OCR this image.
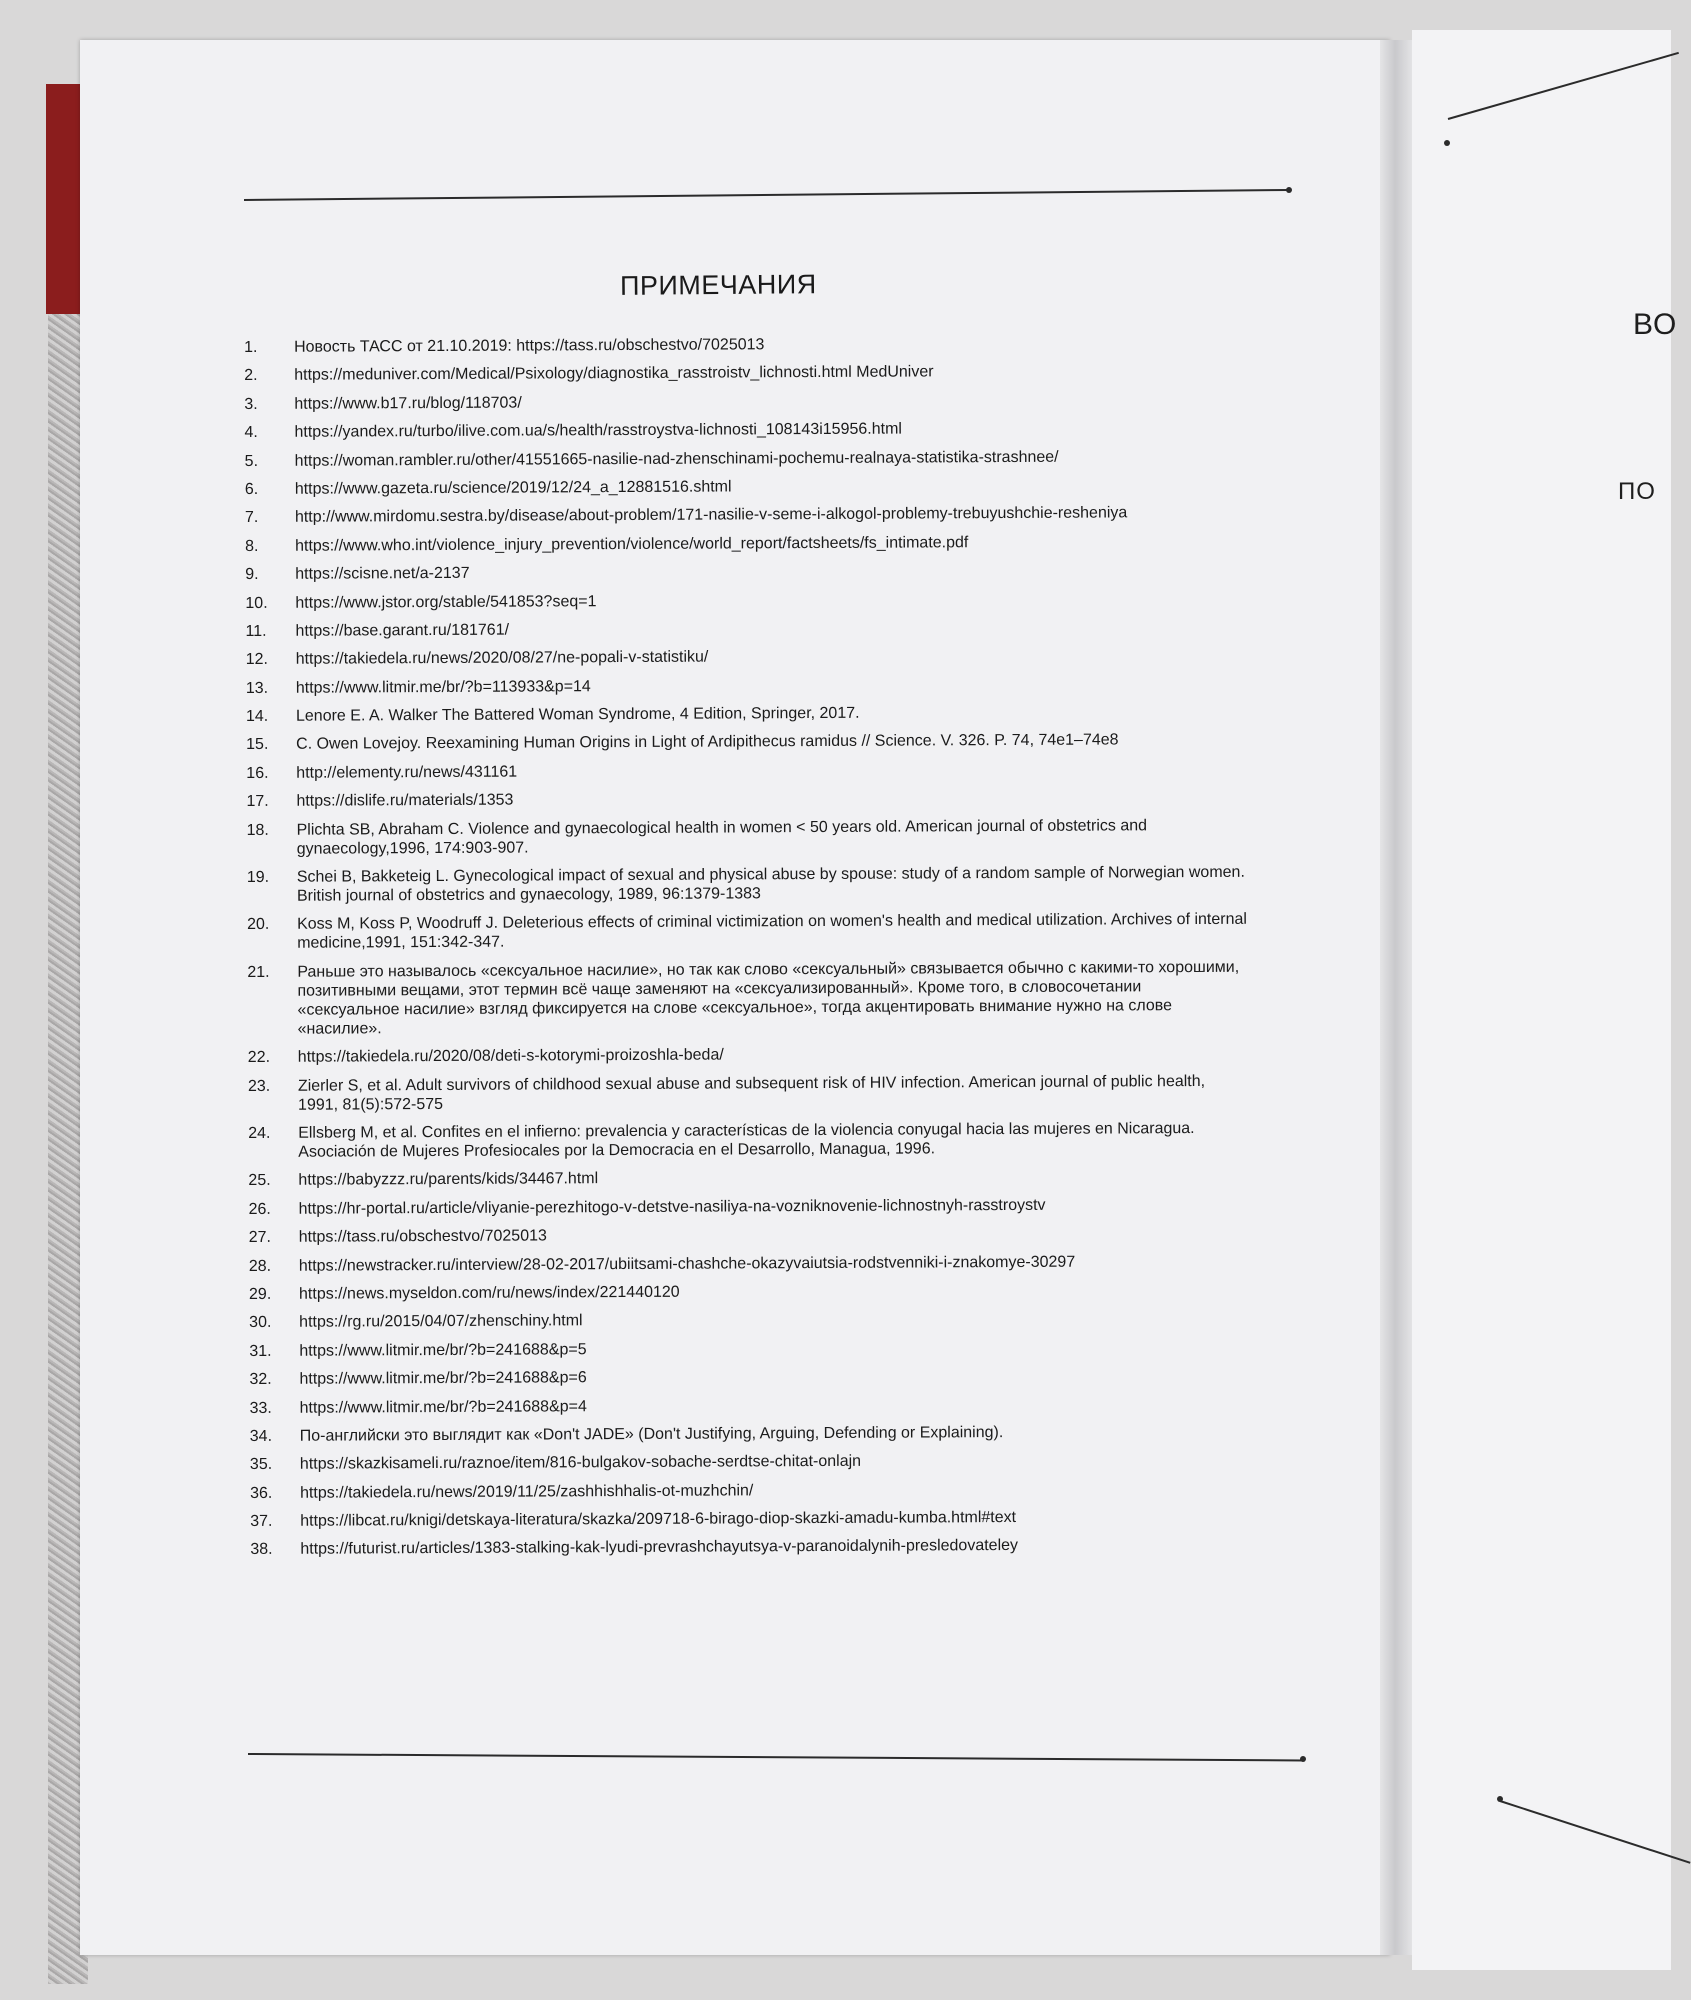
ВО
ПО
ПРИМЕЧАНИЯ
1.	Новость ТАСС от 21.10.2019: https://tass.ru/obschestvo/7025013
2.	https://meduniver.com/Medical/Psixology/diagnostika_rasstroistv_lichnosti.html MedUniver
3.	https://www.b17.ru/blog/118703/
4.	https://yandex.ru/turbo/ilive.com.ua/s/health/rasstroystva-lichnosti_108143i15956.html
5.	https://woman.rambler.ru/other/41551665-nasilie-nad-zhenschinami-pochemu-realnaya-statistika-strashnee/
6.	https://www.gazeta.ru/science/2019/12/24_a_12881516.shtml
7.	http://www.mirdomu.sestra.by/disease/about-problem/171-nasilie-v-seme-i-alkogol-problemy-trebuyushchie-resheniya
8.	https://www.who.int/violence_injury_prevention/violence/world_report/factsheets/fs_intimate.pdf
9.	https://scisne.net/a-2137
10.	https://www.jstor.org/stable/541853?seq=1
11.	https://base.garant.ru/181761/
12.	https://takiedela.ru/news/2020/08/27/ne-popali-v-statistiku/
13.	https://www.litmir.me/br/?b=113933&p=14
14.	Lenore E. A. Walker The Battered Woman Syndrome, 4 Edition, Springer, 2017.
15.	C. Owen Lovejoy. Reexamining Human Origins in Light of Ardipithecus ramidus // Science. V. 326. P. 74, 74e1–74e8
16.	http://elementy.ru/news/431161
17.	https://dislife.ru/materials/1353
18.	Plichta SB, Abraham C. Violence and gynaecological health in women < 50 years old. American journal of obstetrics and gynaecology,1996, 174:903-907.
19.	Schei B, Bakketeig L. Gynecological impact of sexual and physical abuse by spouse: study of a random sample of Norwegian women. British journal of obstetrics and gynaecology, 1989, 96:1379-1383
20.	Koss M, Koss P, Woodruff J. Deleterious effects of criminal victimization on women's health and medical utilization. Archives of internal medicine,1991, 151:342-347.
21.	Раньше это называлось «сексуальное насилие», но так как слово «сексуальный» связывается обычно с какими-то хорошими, позитивными вещами, этот термин всё чаще заменяют на «сексуализированный». Кроме того, в словосочетании «сексуальное насилие» взгляд фиксируется на слове «сексуальное», тогда акцентировать внимание нужно на слове «насилие».
22.	https://takiedela.ru/2020/08/deti-s-kotorymi-proizoshla-beda/
23.	Zierler S, et al. Adult survivors of childhood sexual abuse and subsequent risk of HIV infection. American journal of public health, 1991, 81(5):572-575
24.	Ellsberg M, et al. Confites en el infierno: prevalencia y características de la violencia conyugal hacia las mujeres en Nicaragua. Asociación de Mujeres Profesiocales por la Democracia en el Desarrollo, Managua, 1996.
25.	https://babyzzz.ru/parents/kids/34467.html
26.	https://hr-portal.ru/article/vliyanie-perezhitogo-v-detstve-nasiliya-na-vozniknovenie-lichnostnyh-rasstroystv
27.	https://tass.ru/obschestvo/7025013
28.	https://newstracker.ru/interview/28-02-2017/ubiitsami-chashche-okazyvaiutsia-rodstvenniki-i-znakomye-30297
29.	https://news.myseldon.com/ru/news/index/221440120
30.	https://rg.ru/2015/04/07/zhenschiny.html
31.	https://www.litmir.me/br/?b=241688&p=5
32.	https://www.litmir.me/br/?b=241688&p=6
33.	https://www.litmir.me/br/?b=241688&p=4
34.	По-английски это выглядит как «Don't JADE» (Don't Justifying, Arguing, Defending or Explaining).
35.	https://skazkisameli.ru/raznoe/item/816-bulgakov-sobache-serdtse-chitat-onlajn
36.	https://takiedela.ru/news/2019/11/25/zashhishhalis-ot-muzhchin/
37.	https://libcat.ru/knigi/detskaya-literatura/skazka/209718-6-birago-diop-skazki-amadu-kumba.html#text
38.	https://futurist.ru/articles/1383-stalking-kak-lyudi-prevrashchayutsya-v-paranoidalynih-presledovateley
